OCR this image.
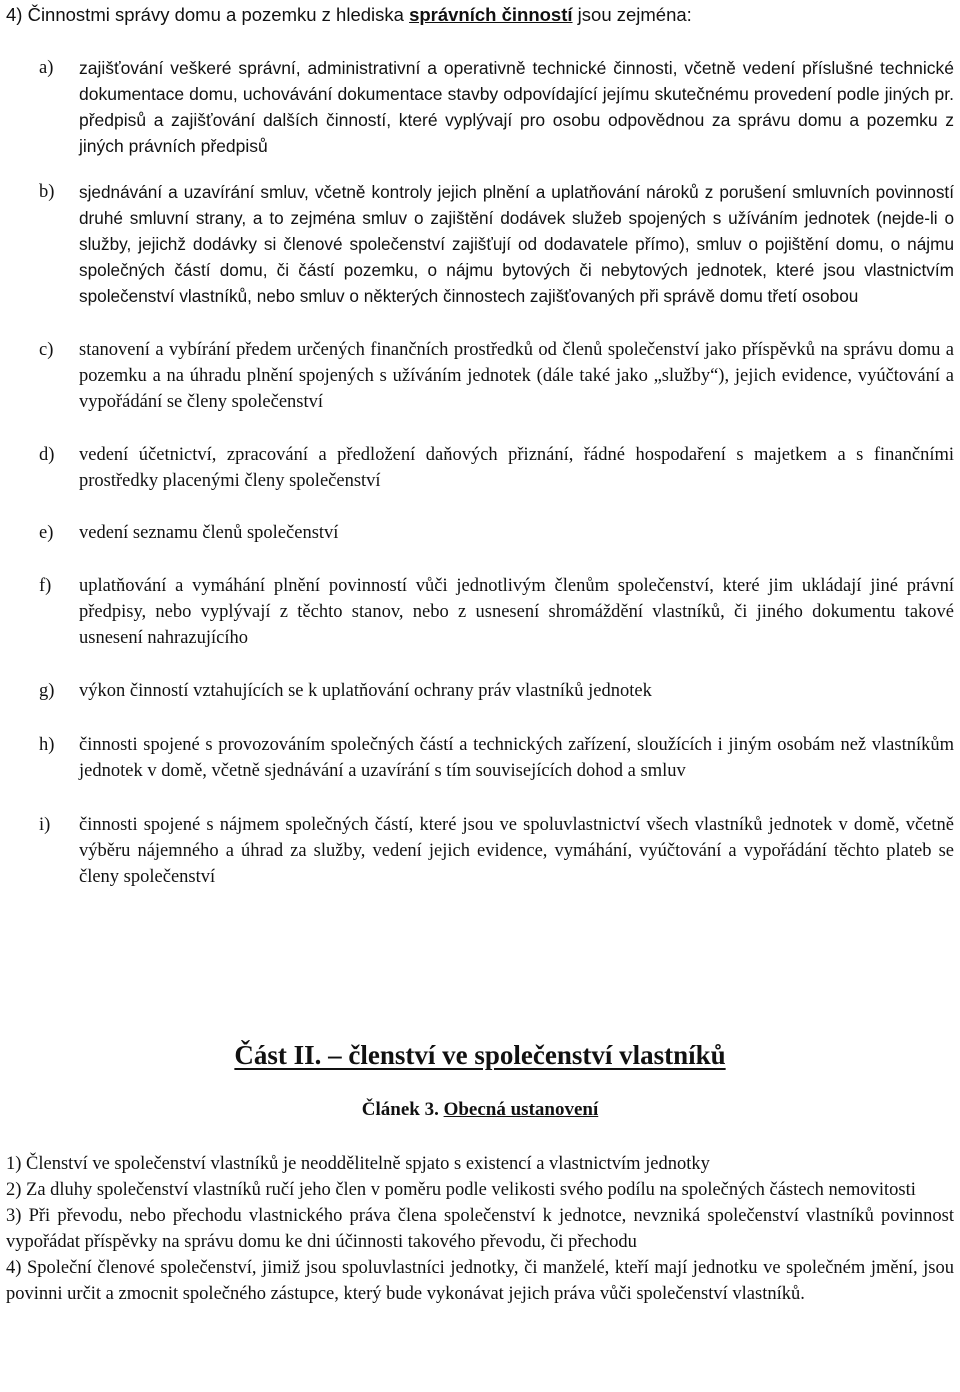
4) Činnostmi správy domu a pozemku z hlediska správních činností jsou zejména:
a) zajišťování veškeré správní, administrativní a operativně technické činnosti, včetně vedení příslušné technické dokumentace domu, uchovávání dokumentace stavby odpovídající jejímu skutečnému provedení podle jiných pr. předpisů a zajišťování dalších činností, které vyplývají pro osobu odpovědnou za správu domu a pozemku z jiných právních předpisů
b) sjednávání a uzavírání smluv, včetně kontroly jejich plnění a uplatňování nároků z porušení smluvních povinností druhé smluvní strany, a to zejména smluv o zajištění dodávek služeb spojených s užíváním jednotek (nejde-li o služby, jejichž dodávky si členové společenství zajišťují od dodavatele přímo), smluv o pojištění domu, o nájmu společných částí domu, či částí pozemku, o nájmu bytových či nebytových jednotek, které jsou vlastnictvím společenství vlastníků, nebo smluv o některých činnostech zajišťovaných při správě domu třetí osobou
c) stanovení a vybírání předem určených finančních prostředků od členů společenství jako příspěvků na správu domu a pozemku a na úhradu plnění spojených s užíváním jednotek (dále také jako „služby“), jejich evidence, vyúčtování a vypořádání se členy společenství
d) vedení účetnictví, zpracování a předložení daňových přiznání, řádné hospodaření s majetkem a s finančními prostředky placenými členy společenství
e) vedení seznamu členů společenství
f) uplatňování a vymáhání plnění povinností vůči jednotlivým členům společenství, které jim ukládají jiné právní předpisy, nebo vyplývají z těchto stanov, nebo z usnesení shromáždění vlastníků, či jiného dokumentu takové usnesení nahrazujícího
g) výkon činností vztahujících se k uplatňování ochrany práv vlastníků jednotek
h) činnosti spojené s provozováním společných částí a technických zařízení, sloužících i jiným osobám než vlastníkům jednotek v domě, včetně sjednávání a uzavírání s tím souvisejících dohod a smluv
i) činnosti spojené s nájmem společných částí, které jsou ve spoluvlastnictví všech vlastníků jednotek v domě, včetně výběru nájemného a úhrad za služby, vedení jejich evidence, vymáhání, vyúčtování a vypořádání těchto plateb se členy společenství
Část II. – členství ve společenství vlastníků
Článek 3. Obecná ustanovení

1) Členství ve společenství vlastníků je neoddělitelně spjato s existencí a vlastnictvím jednotky

2) Za dluhy společenství vlastníků ručí jeho člen v poměru podle velikosti svého podílu na společných částech nemovitosti

3) Při převodu, nebo přechodu vlastnického práva člena společenství k jednotce, nevzniká společenství vlastníků povinnost vypořádat příspěvky na správu domu ke dni účinnosti takového převodu, či přechodu

4) Společní členové společenství, jimiž jsou spoluvlastníci jednotky, či manželé, kteří mají jednotku ve společném jmění, jsou povinni určit a zmocnit společného zástupce, který bude vykonávat jejich práva vůči společenství vlastníků.
